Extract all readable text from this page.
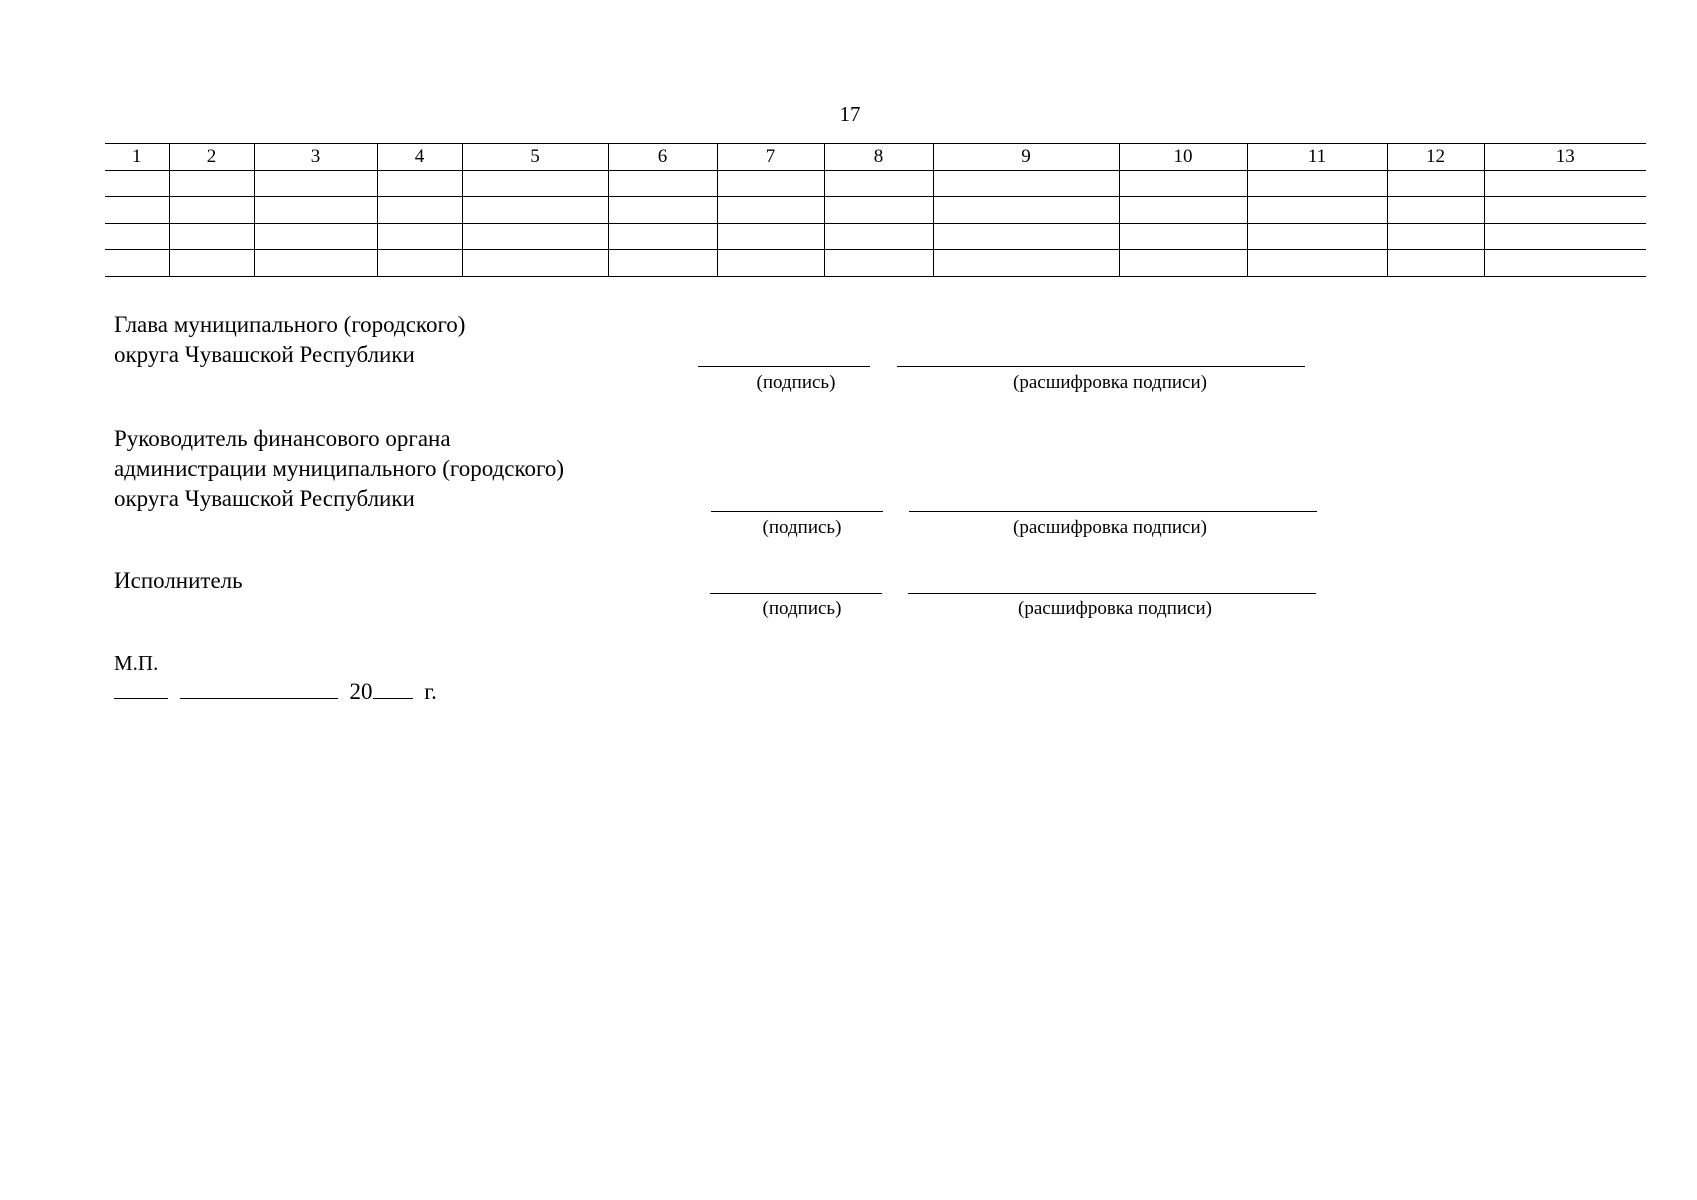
17
1	2	3	4	5	6	7	8	9	10	11	12	13

Глава муниципального (городского)
округа Чувашской Республики
(подпись)	(расшифровка подписи)
Руководитель финансового органа
администрации муниципального (городского)
округа Чувашской Республики
(подпись)	(расшифровка подписи)
Исполнитель
(подпись)	(расшифровка подписи)
М.П.
20 г.
